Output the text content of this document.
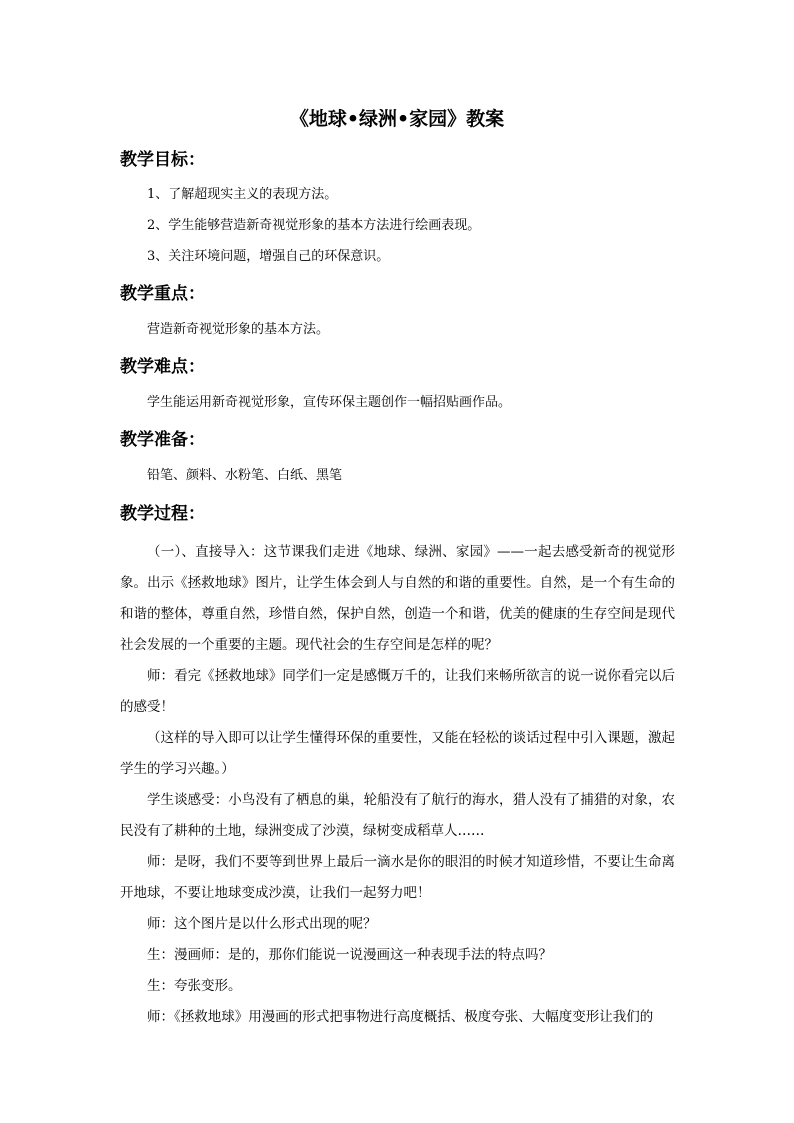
《地球•绿洲•家园》教案
教学目标：
1、了解超现实主义的表现方法。
2、学生能够营造新奇视觉形象的基本方法进行绘画表现。
3、关注环境问题，增强自己的环保意识。
教学重点：
营造新奇视觉形象的基本方法。
教学难点：
学生能运用新奇视觉形象，宣传环保主题创作一幅招贴画作品。
教学准备：
铅笔、颜料、水粉笔、白纸、黑笔
教学过程：
（一）、直接导入：这节课我们走进《地球、绿洲、家园》——一起去感受新奇的视觉形象。出示《拯救地球》图片，让学生体会到人与自然的和谐的重要性。自然，是一个有生命的和谐的整体，尊重自然，珍惜自然，保护自然，创造一个和谐，优美的健康的生存空间是现代社会发展的一个重要的主题。现代社会的生存空间是怎样的呢？
师：看完《拯救地球》同学们一定是感慨万千的，让我们来畅所欲言的说一说你看完以后的感受！
（这样的导入即可以让学生懂得环保的重要性，又能在轻松的谈话过程中引入课题，激起学生的学习兴趣。）
学生谈感受：小鸟没有了栖息的巢，轮船没有了航行的海水，猎人没有了捕猎的对象，农民没有了耕种的土地，绿洲变成了沙漠，绿树变成稻草人……
师：是呀，我们不要等到世界上最后一滴水是你的眼泪的时候才知道珍惜，不要让生命离开地球，不要让地球变成沙漠，让我们一起努力吧！
师：这个图片是以什么形式出现的呢？
生：漫画师：是的，那你们能说一说漫画这一种表现手法的特点吗？
生：夸张变形。
师：《拯救地球》用漫画的形式把事物进行高度概括、极度夸张、大幅度变形让我们的
